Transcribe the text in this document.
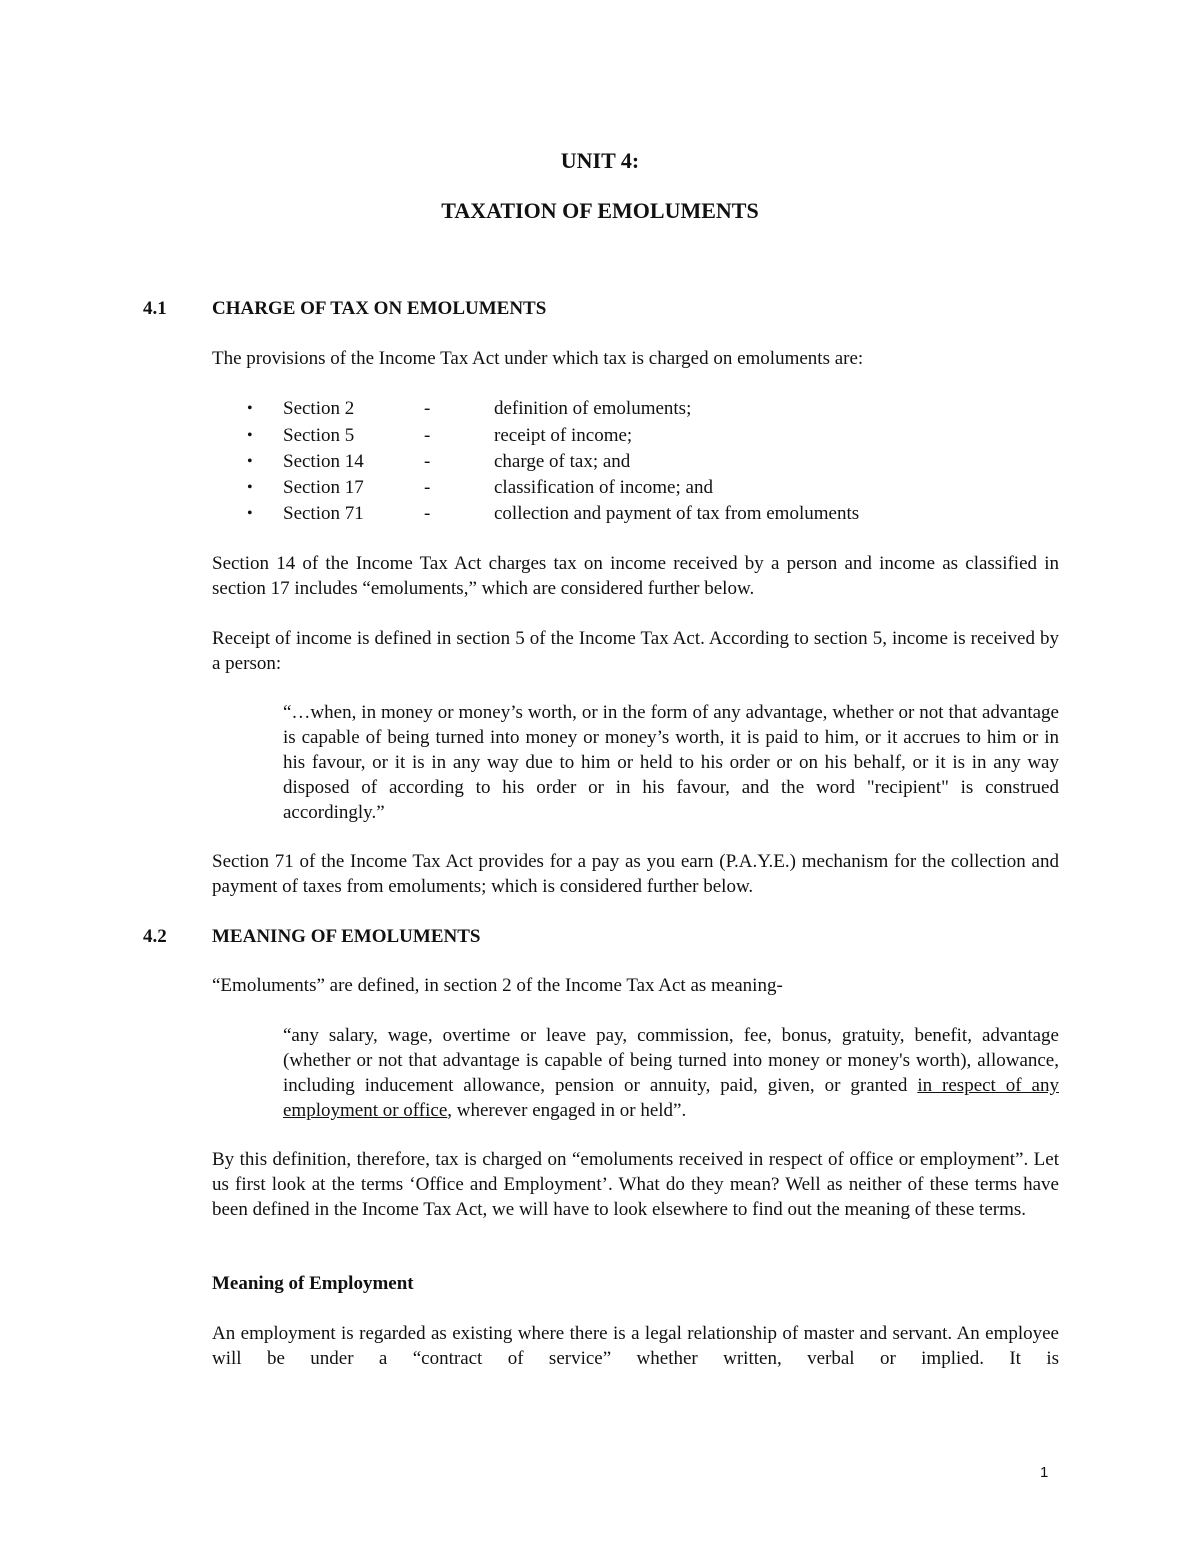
UNIT 4:
TAXATION OF EMOLUMENTS
4.1 CHARGE OF TAX ON EMOLUMENTS
The provisions of the Income Tax Act under which tax is charged on emoluments are:
• Section 2	-	definition of emoluments;
• Section 5	-	receipt of income;
• Section 14	-	charge of tax; and
• Section 17	-	classification of income; and
• Section 71	-	collection and payment of tax from emoluments
Section 14 of the Income Tax Act charges tax on income received by a person and income as classified in section 17 includes “emoluments,” which are considered further below.
Receipt of income is defined in section 5 of the Income Tax Act. According to section 5, income is received by a person:
“…when, in money or money’s worth, or in the form of any advantage, whether or not that advantage is capable of being turned into money or money’s worth, it is paid to him, or it accrues to him or in his favour, or it is in any way due to him or held to his order or on his behalf, or it is in any way disposed of according to his order or in his favour, and the word "recipient" is construed accordingly.”
Section 71 of the Income Tax Act provides for a pay as you earn (P.A.Y.E.) mechanism for the collection and payment of taxes from emoluments; which is considered further below.
4.2 MEANING OF EMOLUMENTS
“Emoluments” are defined, in section 2 of the Income Tax Act as meaning-
“any salary, wage, overtime or leave pay, commission, fee, bonus, gratuity, benefit, advantage (whether or not that advantage is capable of being turned into money or money's worth), allowance, including inducement allowance, pension or annuity, paid, given, or granted in respect of any employment or office, wherever engaged in or held”.
By this definition, therefore, tax is charged on “emoluments received in respect of office or employment”. Let us first look at the terms ‘Office and Employment’. What do they mean? Well as neither of these terms have been defined in the Income Tax Act, we will have to look elsewhere to find out the meaning of these terms.
Meaning of Employment
An employment is regarded as existing where there is a legal relationship of master and servant. An employee will be under a “contract of service” whether written, verbal or implied. It is
1
